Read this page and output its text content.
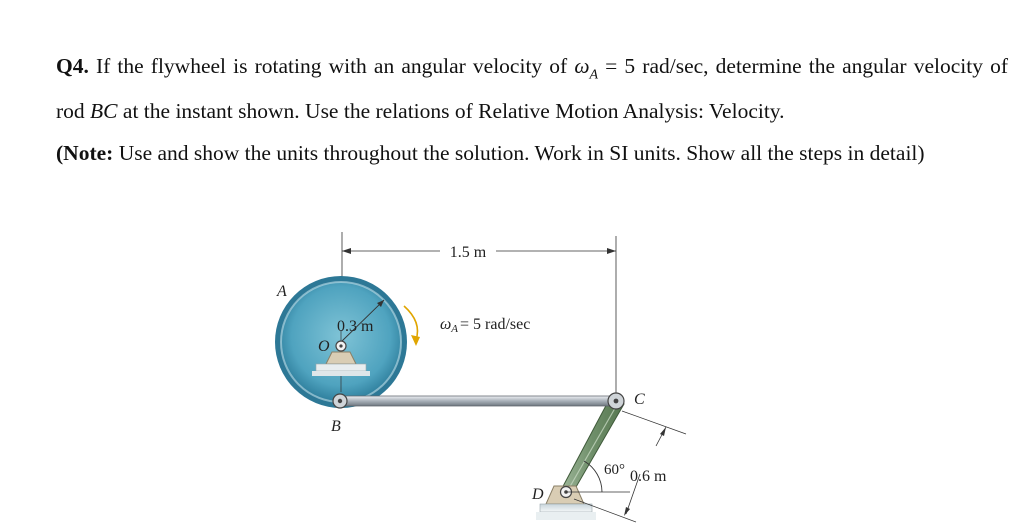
Q4. If the flywheel is rotating with an angular velocity of $\omega_A = 5$ rad/sec, determine the angular velocity of rod BC at the instant shown. Use the relations of Relative Motion Analysis: Velocity.

(Note: Use and show the units throughout the solution. Work in SI units. Show all the steps in detail)

1.5 m
0.3 m	ωA = 5 rad/sec
60° 0.6 m
A
O
B
C
D
